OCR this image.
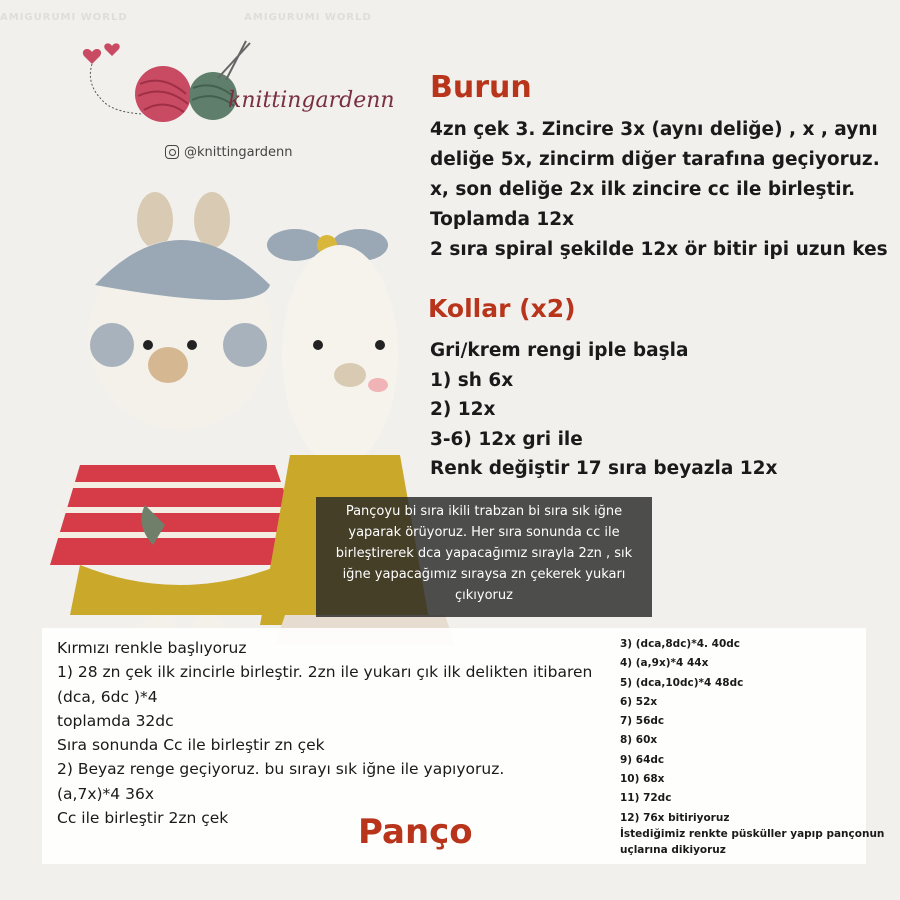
AMIGURUMI WORLD	AMIGURUMI WORLD
knittingardenn
@knittingardenn
Burun
4zn çek 3. Zincire 3x (aynı deliğe) , x , aynı
deliğe 5x, zincirm diğer tarafına geçiyoruz.
x, son deliğe 2x ilk zincire cc ile birleştir.
Toplamda 12x
2 sıra spiral şekilde 12x ör bitir ipi uzun kes
Kollar (x2)
Gri/krem rengi iple başla
1) sh 6x
2) 12x
3-6) 12x gri ile
Renk değiştir 17 sıra beyazla 12x
Pançoyu bi sıra ikili trabzan bi sıra sık iğne
yaparak örüyoruz. Her sıra sonunda cc ile
birleştirerek dca yapacağımız sırayla 2zn , sık
iğne yapacağımız sıraysa zn çekerek yukarı
çıkıyoruz
Kırmızı renkle başlıyoruz
1) 28 zn çek ilk zincirle birleştir. 2zn ile yukarı çık ilk delikten itibaren
(dca, 6dc )*4
toplamda 32dc
Sıra sonunda Cc ile birleştir zn çek
2) Beyaz renge geçiyoruz. bu sırayı sık iğne ile yapıyoruz.
(a,7x)*4 36x
Cc ile birleştir 2zn çek	Panço
3) (dca,8dc)*4. 40dc
4) (a,9x)*4 44x
5) (dca,10dc)*4 48dc
6) 52x
7) 56dc
8) 60x
9) 64dc
10) 68x
11) 72dc
12) 76x bitiriyoruz
İstediğimiz renkte püsküller yapıp pançonun
uçlarına dikiyoruz
